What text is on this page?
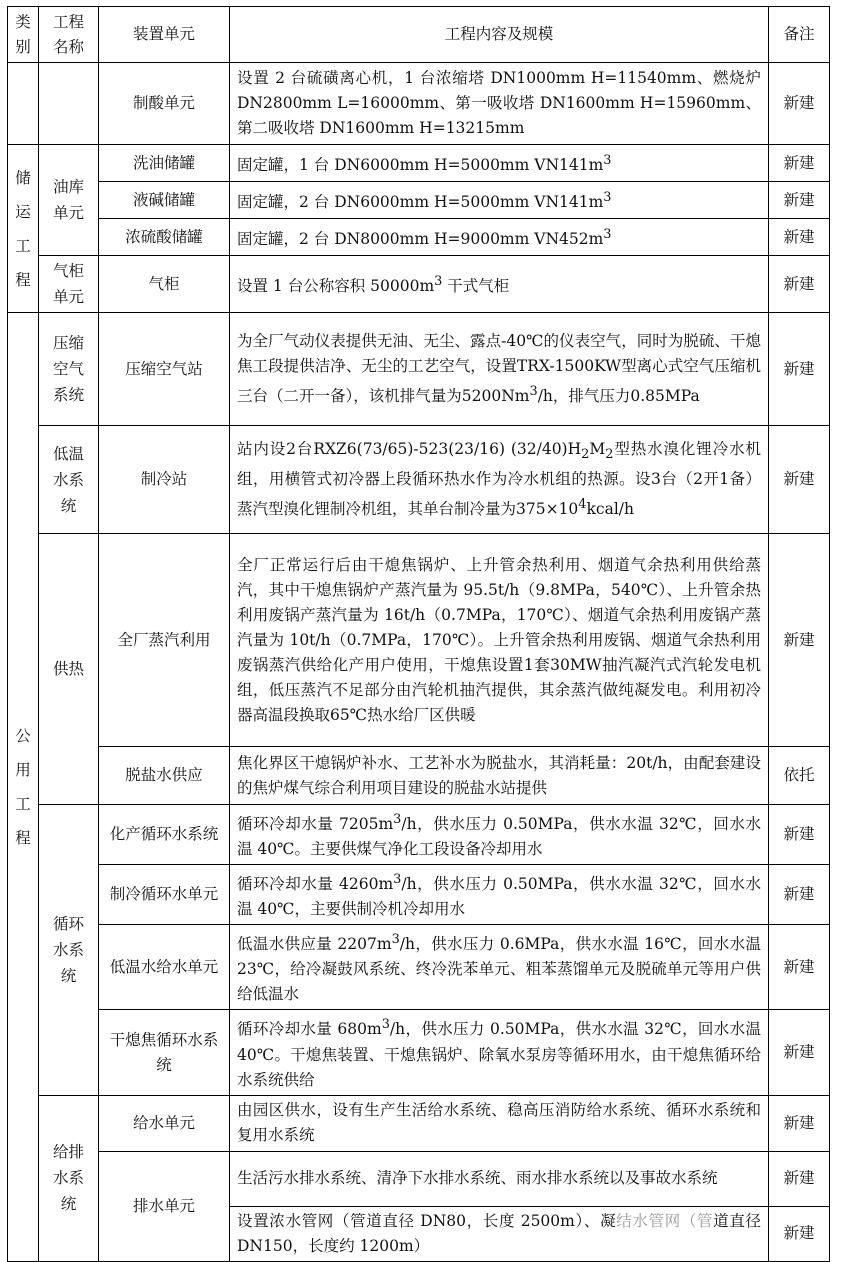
类别	工程名称	装置单元	工程内容及规模	备注
		制酸单元	设置 2 台硫磺离心机，1 台浓缩塔 DN1000mm H=11540mm、燃烧炉 DN2800mm L=16000mm、第一吸收塔 DN1600mm H=15960mm、第二吸收塔 DN1600mm H=13215mm	新建

储运工程	油库单元	洗油储罐	固定罐，1 台 DN6000mm H=5000mm $VN141m^3$	新建
		液碱储罐	固定罐，2 台 DN6000mm H=5000mm $VN141m^3$	新建
		浓硫酸储罐	固定罐，2 台 DN8000mm H=9000mm $VN452m^3$	新建

	气柜单元	气柜	设置 1 台公称容积 $50000m^3$ 干式气柜	新建

公用工程	压缩空气系统	压缩空气站	为全厂气动仪表提供无油、无尘、露点-40℃的仪表空气，同时为脱硫、干熄焦工段提供洁净、无尘的工艺空气，设置TRX-1500KW型离心式空气压缩机三台（二开一备），该机排气量为5200Nm$^3$/h，排气压力0.85MPa	新建

	低温水系统	制冷站	站内设2台RXZ6(73/65)-523(23/16) $(32/40)H_2M_2$型热水溴化锂冷水机组，用横管式初冷器上段循环热水作为冷水机组的热源。设3台（2开1备）蒸汽型溴化锂制冷机组，其单台制冷量为$375\times 10^4kcal/h$	新建

	供热	全厂蒸汽利用	全厂正常运行后由干熄焦锅炉、上升管余热利用、烟道气余热利用供给蒸汽，其中干熄焦锅炉产蒸汽量为 95.5t/h（9.8MPa，540℃）、上升管余热利用废锅产蒸汽量为 16t/h（0.7MPa，170℃）、烟道气余热利用废锅产蒸汽量为 10t/h（0.7MPa，170℃）。上升管余热利用废锅、烟道气余热利用废锅蒸汽供给化产用户使用，干熄焦设置1套30MW抽汽凝汽式汽轮发电机组，低压蒸汽不足部分由汽轮机抽汽提供，其余蒸汽做纯凝发电。利用初冷器高温段换取65℃热水给厂区供暖	新建
		脱盐水供应	焦化界区干熄锅炉补水、工艺补水为脱盐水，其消耗量：20t/h，由配套建设的焦炉煤气综合利用项目建设的脱盐水站提供	依托

	循环水系统	化产循环水系统	循环冷却水量 $7205m^3/h$，供水压力 0.50MPa，供水水温 32℃，回水水温 40℃。主要供煤气净化工段设备冷却用水	新建
		制冷循环水单元	循环冷却水量 $4260m^3/h$，供水压力 0.50MPa，供水水温 32℃，回水水温 40℃，主要供制冷机冷却用水	新建
		低温水给水单元	低温水供应量 $2207m^3/h$，供水压力 0.6MPa，供水水温 16℃，回水水温 23℃，给冷凝鼓风系统、终冷洗苯单元、粗苯蒸馏单元及脱硫单元等用户供给低温水	新建
		干熄焦循环水系统	循环冷却水量 $680m^3/h$，供水压力 0.50MPa，供水水温 32℃，回水水温 40℃。干熄焦装置、干熄焦锅炉、除氧水泵房等循环用水，由干熄焦循环给水系统供给	新建

	给排水系统	给水单元	由园区供水，设有生产生活给水系统、稳高压消防给水系统、循环水系统和复用水系统	新建
		排水单元	生活污水排水系统、清净下水排水系统、雨水排水系统以及事故水系统	新建
			设置浓水管网（管道直径 DN80，长度 2500m）、凝结水管网（管道直径 DN150，长度约 1200m）	新建
